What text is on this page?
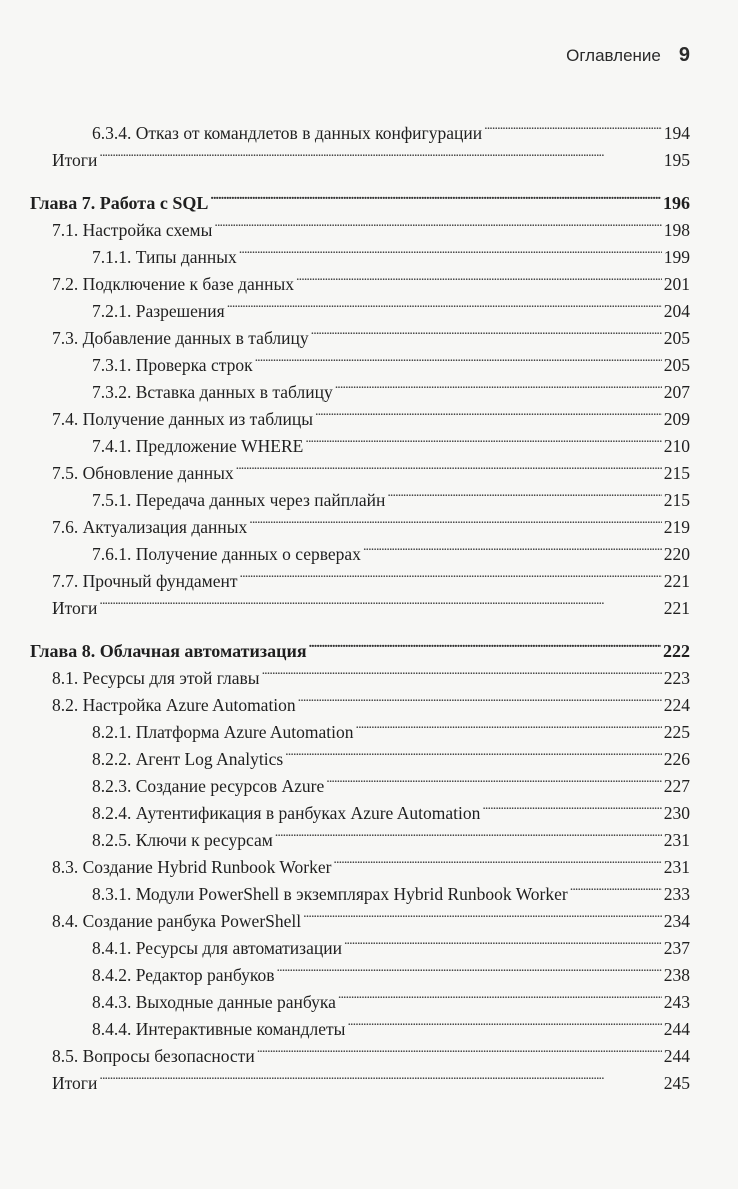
Оглавление 9
6.3.4. Отказ от командлетов в данных конфигурации . . .	194
Итоги . . .	195
Глава 7. Работа с SQL . . .	196
7.1. Настройка схемы . . .	198
7.1.1. Типы данных . . .	199
7.2. Подключение к базе данных . . .	201
7.2.1. Разрешения . . .	204
7.3. Добавление данных в таблицу . . .	205
7.3.1. Проверка строк . . .	205
7.3.2. Вставка данных в таблицу . . .	207
7.4. Получение данных из таблицы . . .	209
7.4.1. Предложение WHERE . . .	210
7.5. Обновление данных . . .	215
7.5.1. Передача данных через пайплайн . . .	215
7.6. Актуализация данных . . .	219
7.6.1. Получение данных о серверах . . .	220
7.7. Прочный фундамент . . .	221
Итоги . . .	221
Глава 8. Облачная автоматизация . . .	222
8.1. Ресурсы для этой главы . . .	223
8.2. Настройка Azure Automation . . .	224
8.2.1. Платформа Azure Automation . . .	225
8.2.2. Агент Log Analytics . . .	226
8.2.3. Создание ресурсов Azure . . .	227
8.2.4. Аутентификация в ранбуках Azure Automation . . .	230
8.2.5. Ключи к ресурсам . . .	231
8.3. Создание Hybrid Runbook Worker . . .	231
8.3.1. Модули PowerShell в экземплярах Hybrid Runbook Worker . . .	233
8.4. Создание ранбука PowerShell . . .	234
8.4.1. Ресурсы для автоматизации . . .	237
8.4.2. Редактор ранбуков . . .	238
8.4.3. Выходные данные ранбука . . .	243
8.4.4. Интерактивные командлеты . . .	244
8.5. Вопросы безопасности . . .	244
Итоги . . .	245
